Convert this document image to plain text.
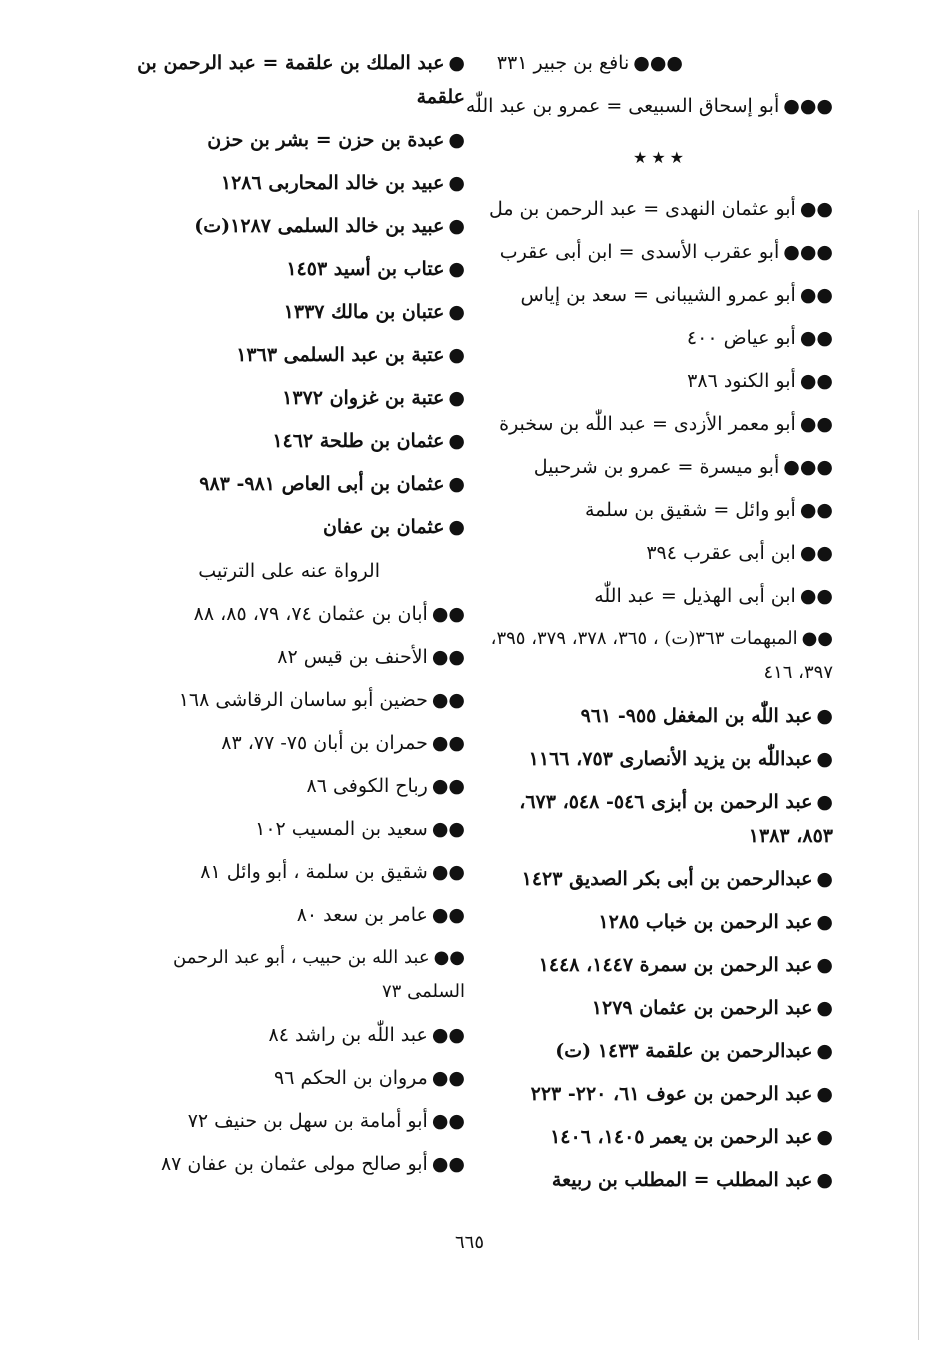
●●●نافع بن جبير ٣٣١
●●●أبو إسحاق السبيعى = عمرو بن عبد اللّٰه
★★★
●●أبو عثمان النهدى = عبد الرحمن بن مل
●●●أبو عقرب الأسدى = ابن أبى عقرب
●●أبو عمرو الشيبانى = سعد بن إياس
●●أبو عياض ٤٠٠
●●أبو الكنود ٣٨٦
●●أبو معمر الأزدى = عبد اللّٰه بن سخبرة
●●●أبو ميسرة = عمرو بن شرحبيل
●●أبو وائل = شقيق بن سلمة
●●ابن أبى عقرب ٣٩٤
●●ابن أبى الهذيل = عبد اللّٰه
●●المبهمات ٣٦٣(ت) ، ٣٦٥، ٣٧٨، ٣٧٩، ٣٩٥، ٣٩٧، ٤١٦
●عبد اللّٰه بن المغفل ٩٥٥- ٩٦١
●عبداللّٰه بن يزيد الأنصارى ٧٥٣، ١١٦٦
●عبد الرحمن بن أبزى ٥٤٦- ٥٤٨، ٦٧٣، ٨٥٣، ١٣٨٣
●عبدالرحمن بن أبى بكر الصديق ١٤٢٣
●عبد الرحمن بن خباب ١٢٨٥
●عبد الرحمن بن سمرة ١٤٤٧، ١٤٤٨
●عبد الرحمن بن عثمان ١٢٧٩
●عبدالرحمن بن علقمة ١٤٣٣ (ت)
●عبد الرحمن بن عوف ٦١، ٢٢٠- ٢٢٣
●عبد الرحمن بن يعمر ١٤٠٥، ١٤٠٦
●عبد المطلب = المطلب بن ربيعة
●عبد الملك بن علقمة = عبد الرحمن بن علقمة
●عبدة بن حزن = بشر بن حزن
●عبيد بن خالد المحاربى ١٢٨٦
●عبيد بن خالد السلمى ١٢٨٧(ت)
●عتاب بن أسيد ١٤٥٣
●عتبان بن مالك ١٣٣٧
●عتبة بن عبد السلمى ١٣٦٣
●عتبة بن غزوان ١٣٧٢
●عثمان بن طلحة ١٤٦٢
●عثمان بن أبى العاص ٩٨١- ٩٨٣
●عثمان بن عفان
الرواة عنه على الترتيب
●●أبان بن عثمان ٧٤، ٧٩، ٨٥، ٨٨
●●الأحنف بن قيس ٨٢
●●حضين أبو ساسان الرقاشى ١٦٨
●●حمران بن أبان ٧٥- ٧٧، ٨٣
●●رباح الكوفى ٨٦
●●سعيد بن المسيب ١٠٢
●●شقيق بن سلمة ، أبو وائل ٨١
●●عامر بن سعد ٨٠
●●عبد الله بن حبيب ، أبو عبد الرحمن السلمى ٧٣
●●عبد اللّٰه بن راشد ٨٤
●●مروان بن الحكم ٩٦
●●أبو أمامة بن سهل بن حنيف ٧٢
●●أبو صالح مولى عثمان بن عفان ٨٧
٦٦٥
